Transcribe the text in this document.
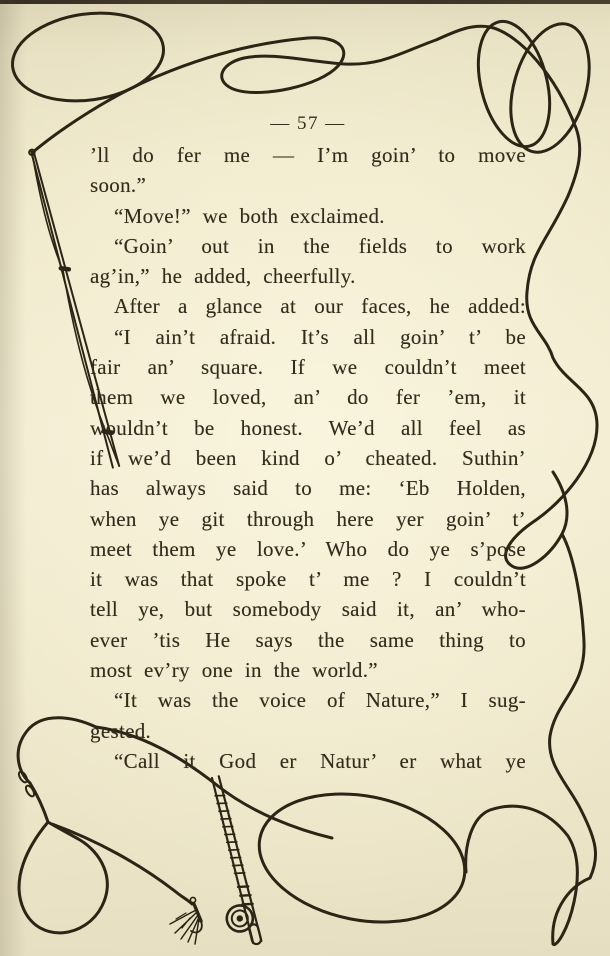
— 57 —
’ll do fer me — I’m goin’ to move
soon.”
“Move!” we both exclaimed.
“Goin’ out in the fields to work
ag’in,” he added, cheerfully.
After a glance at our faces, he added:
“I ain’t afraid. It’s all goin’ t’ be
fair an’ square. If we couldn’t meet
them we loved, an’ do fer ’em, it
wouldn’t be honest. We’d all feel as
if we’d been kind o’ cheated. Suthin’
has always said to me: ‘Eb Holden,
when ye git through here yer goin’ t’
meet them ye love.’ Who do ye s’pose
it was that spoke t’ me ? I couldn’t
tell ye, but somebody said it, an’ who-
ever ’tis He says the same thing to
most ev’ry one in the world.”
“It was the voice of Nature,” I sug-
gested.
“Call it God er Natur’ er what ye
